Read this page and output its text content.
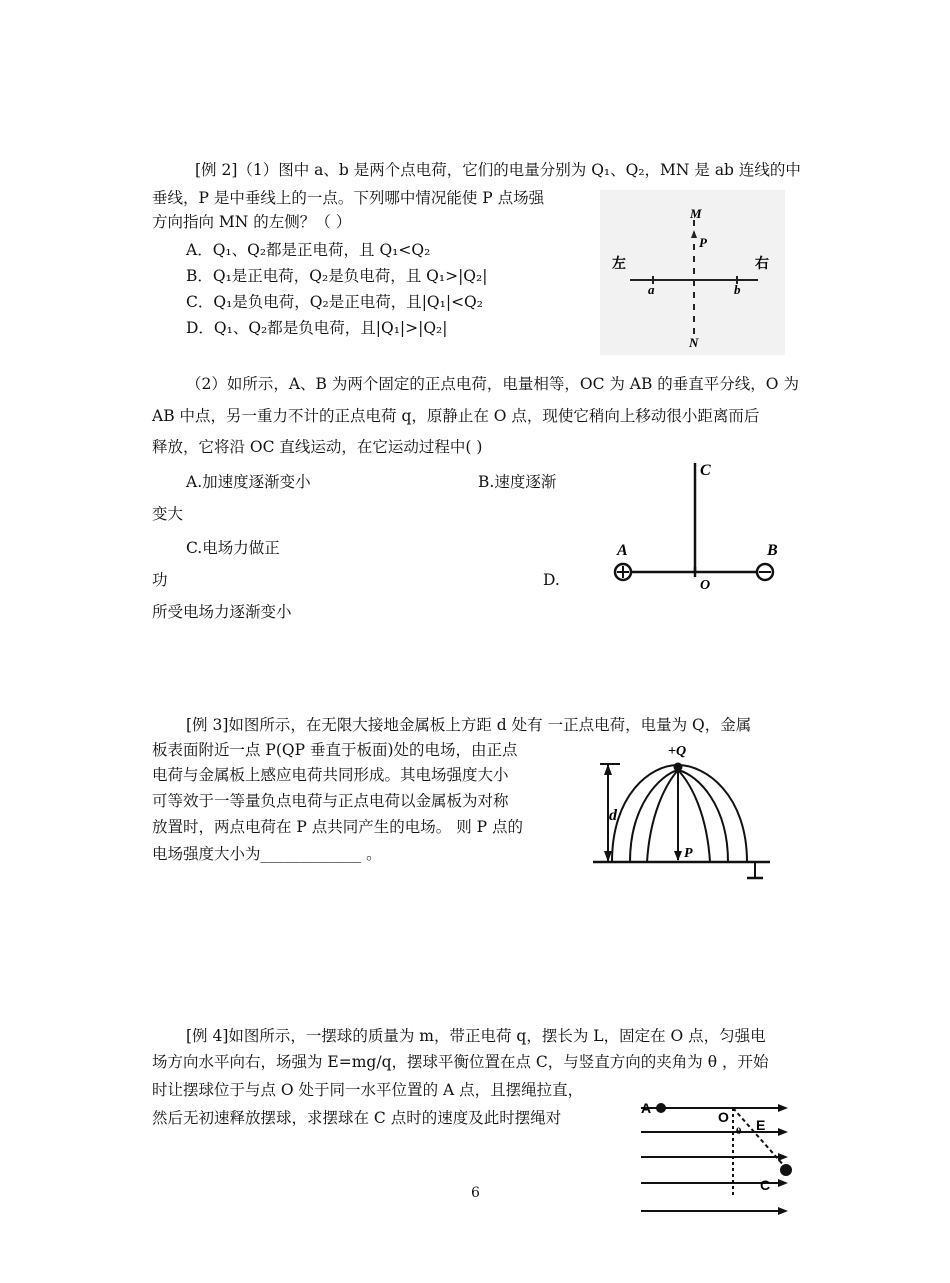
[例 2]（1）图中 a、b 是两个点电荷，它们的电量分别为 Q₁、Q₂，MN 是 ab 连线的中
垂线，P 是中垂线上的一点。下列哪中情况能使 P 点场强
方向指向 MN 的左侧？（ ）
A．Q₁、Q₂都是正电荷，且 Q₁<Q₂
B．Q₁是正电荷，Q₂是负电荷，且 Q₁>|Q₂|
C．Q₁是负电荷，Q₂是正电荷，且|Q₁|<Q₂
D．Q₁、Q₂都是负电荷，且|Q₁|>|Q₂|
M
P
左	右
a	b
N
（2）如所示，A、B 为两个固定的正点电荷，电量相等，OC 为 AB 的垂直平分线，O 为
AB 中点，另一重力不计的正点电荷 q，原静止在 O 点，现使它稍向上移动很小距离而后
释放，它将沿 OC 直线运动，在它运动过程中( )
A.加速度逐渐变小	B.速度逐渐
变大
C.电场力做正
功	D.
所受电场力逐渐变小
C
A	B
O
[例 3]如图所示，在无限大接地金属板上方距 d 处有 一正点电荷，电量为 Q，金属
板表面附近一点 P(QP 垂直于板面)处的电场，由正点
电荷与金属板上感应电荷共同形成。其电场强度大小
可等效于一等量负点电荷与正点电荷以金属板为对称
放置时，两点电荷在 P 点共同产生的电场。 则 P 点的
电场强度大小为_____________ 。
+Q
d
P
[例 4]如图所示，一摆球的质量为 m，带正电荷 q，摆长为 L，固定在 O 点，匀强电
场方向水平向右，场强为 E=mg/q，摆球平衡位置在点 C，与竖直方向的夹角为 θ ，开始
时让摆球位于与点 O 处于同一水平位置的 A 点，且摆绳拉直，
然后无初速释放摆球，求摆球在 C 点时的速度及此时摆绳对
A
O
θ E
C
6
